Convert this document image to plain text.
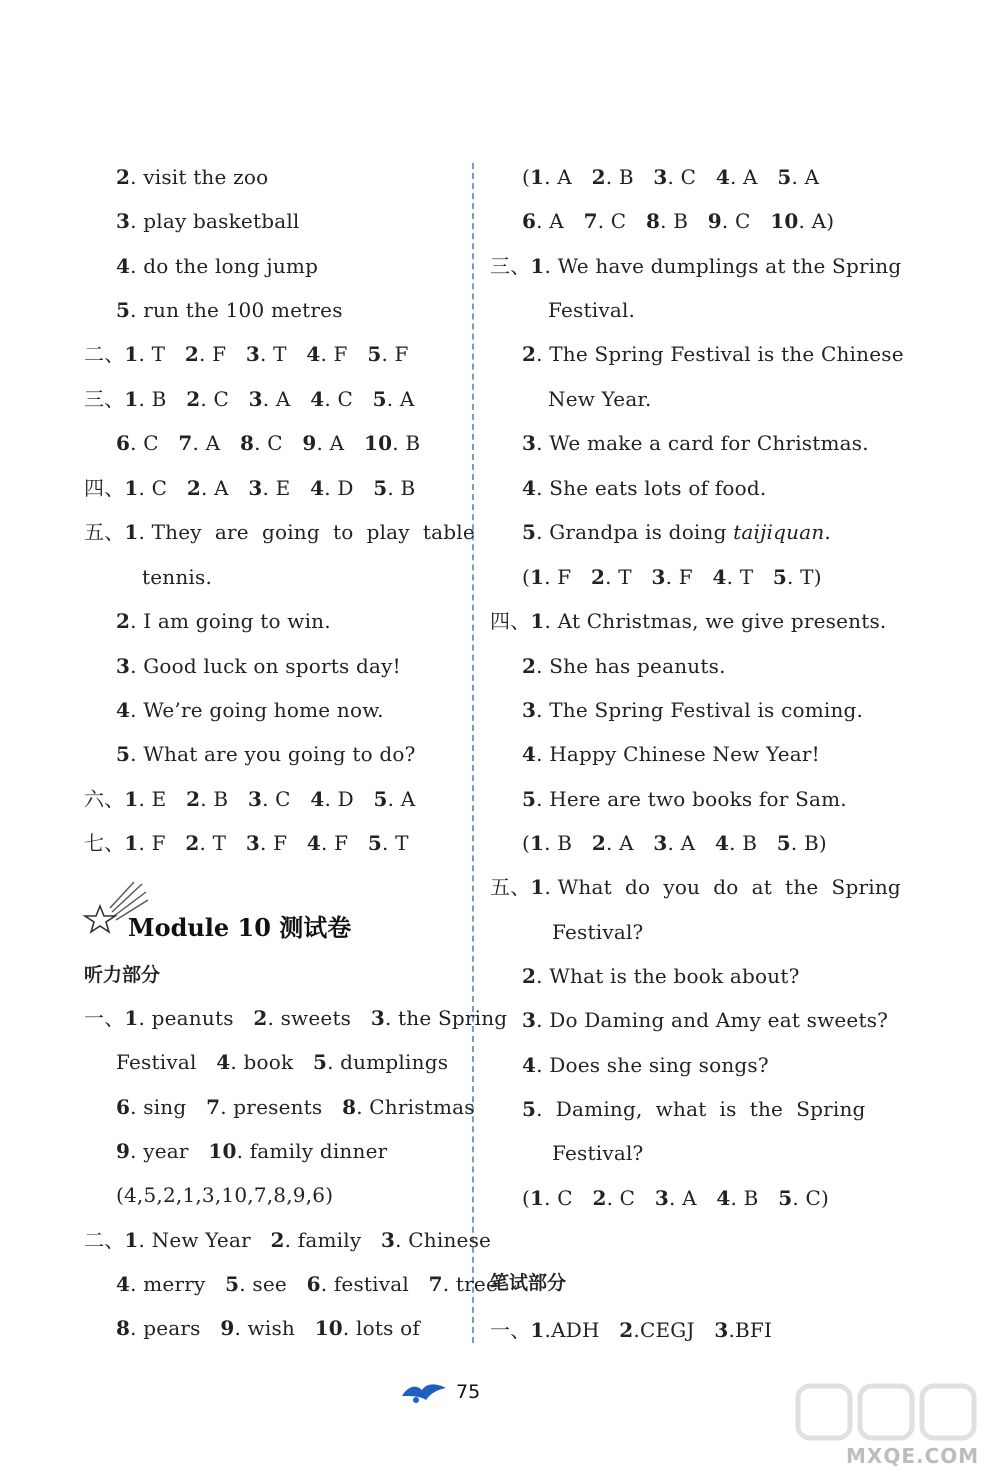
2. visit the zoo
3. play basketball
4. do the long jump
5. run the 100 metres
二、1. T   2. F   3. T   4. F   5. F
三、1. B   2. C   3. A   4. C   5. A
6. C   7. A   8. C   9. A   10. B
四、1. C   2. A   3. E   4. D   5. B
五、1. They  are  going  to  play  table
tennis.
2. I am going to win.
3. Good luck on sports day!
4. We’re going home now.
5. What are you going to do?
六、1. E   2. B   3. C   4. D   5. A
七、1. F   2. T   3. F   4. F   5. T
一、1. peanuts   2. sweets   3. the Spring
Festival   4. book   5. dumplings
6. sing   7. presents   8. Christmas
9. year   10. family dinner
(4,5,2,1,3,10,7,8,9,6)
二、1. New Year   2. family   3. Chinese
4. merry   5. see   6. festival   7. tree
8. pears   9. wish   10. lots of
(1. A   2. B   3. C   4. A   5. A
6. A   7. C   8. B   9. C   10. A)
三、1. We have dumplings at the Spring
Festival.
2. The Spring Festival is the Chinese
New Year.
3. We make a card for Christmas.
4. She eats lots of food.
5. Grandpa is doing taijiquan.
(1. F   2. T   3. F   4. T   5. T)
四、1. At Christmas, we give presents.
2. She has peanuts.
3. The Spring Festival is coming.
4. Happy Chinese New Year!
5. Here are two books for Sam.
(1. B   2. A   3. A   4. B   5. B)
五、1. What  do  you  do  at  the  Spring
Festival?
2. What is the book about?
3. Do Daming and Amy eat sweets?
4. Does she sing songs?
5.  Daming,  what  is  the  Spring
Festival?
(1. C   2. C   3. A   4. B   5. C)
一、1.ADH   2.CEGJ   3.BFI
Module 10 测试卷
听力部分
笔试部分
75
MXQE.COM
